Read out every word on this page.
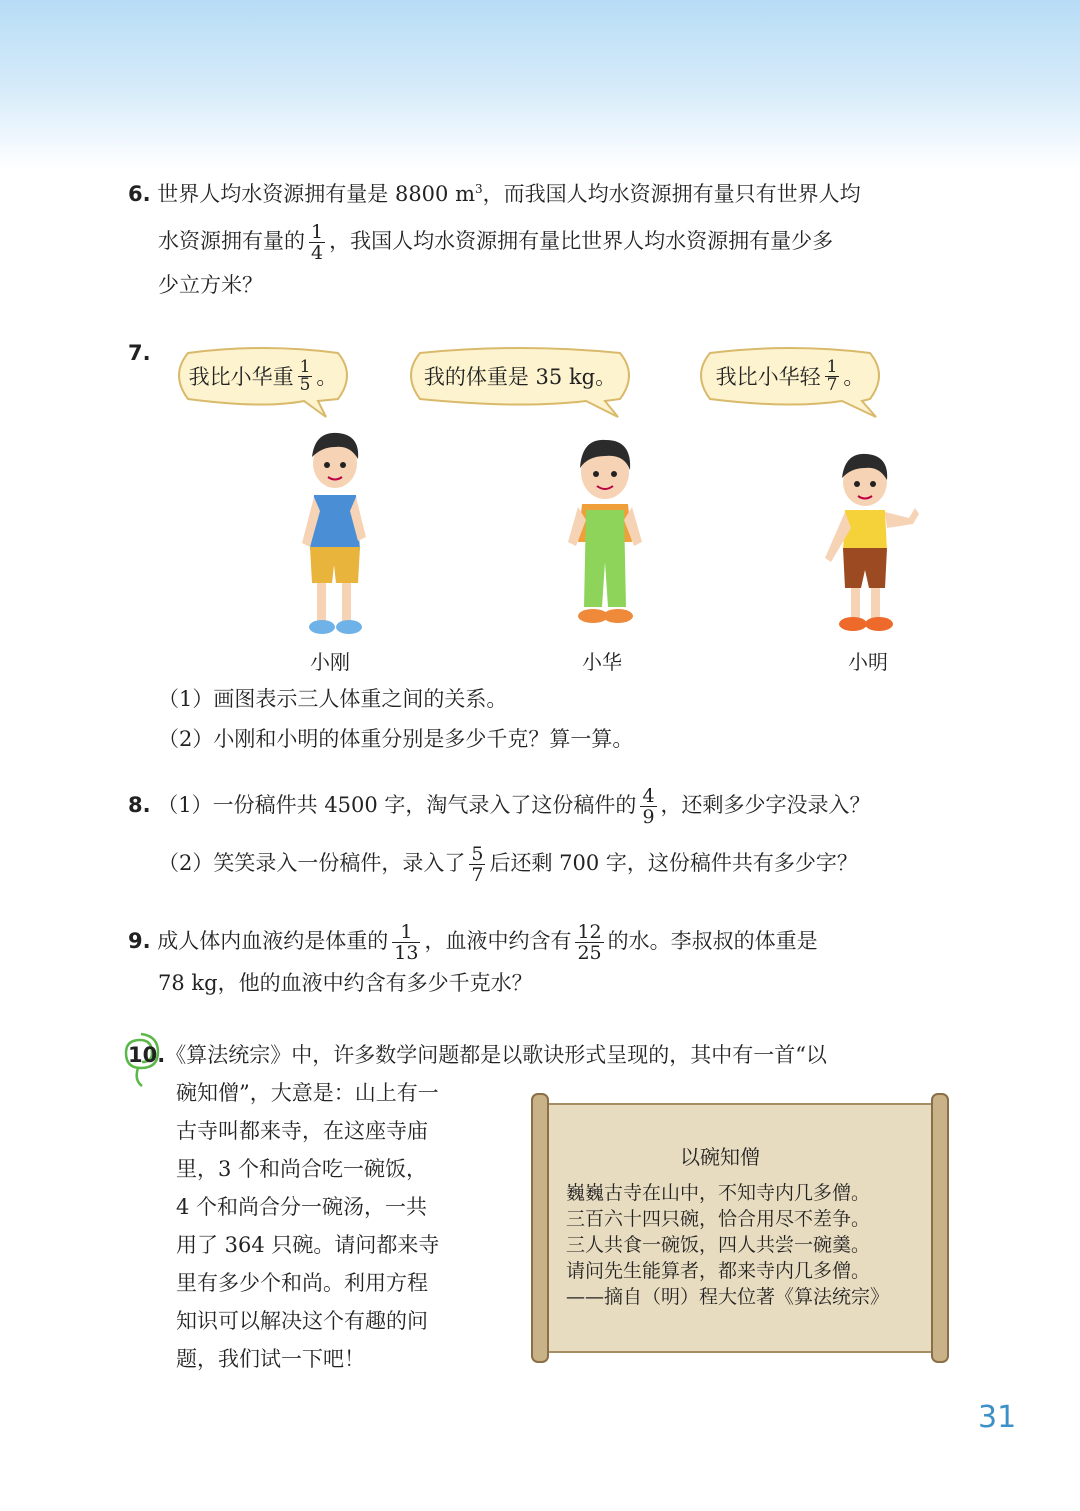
6. 世界人均水资源拥有量是 8800 $m^3$，而我国人均水资源拥有量只有世界人均
水资源拥有量的 $\frac{1}{4}$ ，我国人均水资源拥有量比世界人均水资源拥有量少多
少立方米？
7.
我比小华重 $\frac{1}{5}$ 。	我的体重是 35 kg。	我比小华轻 $\frac{1}{7}$ 。
小刚	小华	小明
（1）画图表示三人体重之间的关系。
（2）小刚和小明的体重分别是多少千克？算一算。
8. （1）一份稿件共 4500 字，淘气录入了这份稿件的 $\frac{4}{9}$ ，还剩多少字没录入？
（2）笑笑录入一份稿件，录入了 $\frac{5}{7}$ 后还剩 700 字，这份稿件共有多少字？
9. 成人体内血液约是体重的 $\frac{1}{13}$ ，血液中约含有 $\frac{12}{25}$ 的水。李叔叔的体重是
78 kg，他的血液中约含有多少千克水？
10.《算法统宗》中，许多数学问题都是以歌诀形式呈现的，其中有一首“以
碗知僧”，大意是：山上有一
古寺叫都来寺，在这座寺庙
里，3 个和尚合吃一碗饭，
4 个和尚合分一碗汤，一共
用了 364 只碗。请问都来寺
里有多少个和尚。利用方程
知识可以解决这个有趣的问
题，我们试一下吧！
以碗知僧
巍巍古寺在山中，不知寺内几多僧。
三百六十四只碗，恰合用尽不差争。
三人共食一碗饭，四人共尝一碗羹。
请问先生能算者，都来寺内几多僧。
——摘自（明）程大位著《算法统宗》
31
